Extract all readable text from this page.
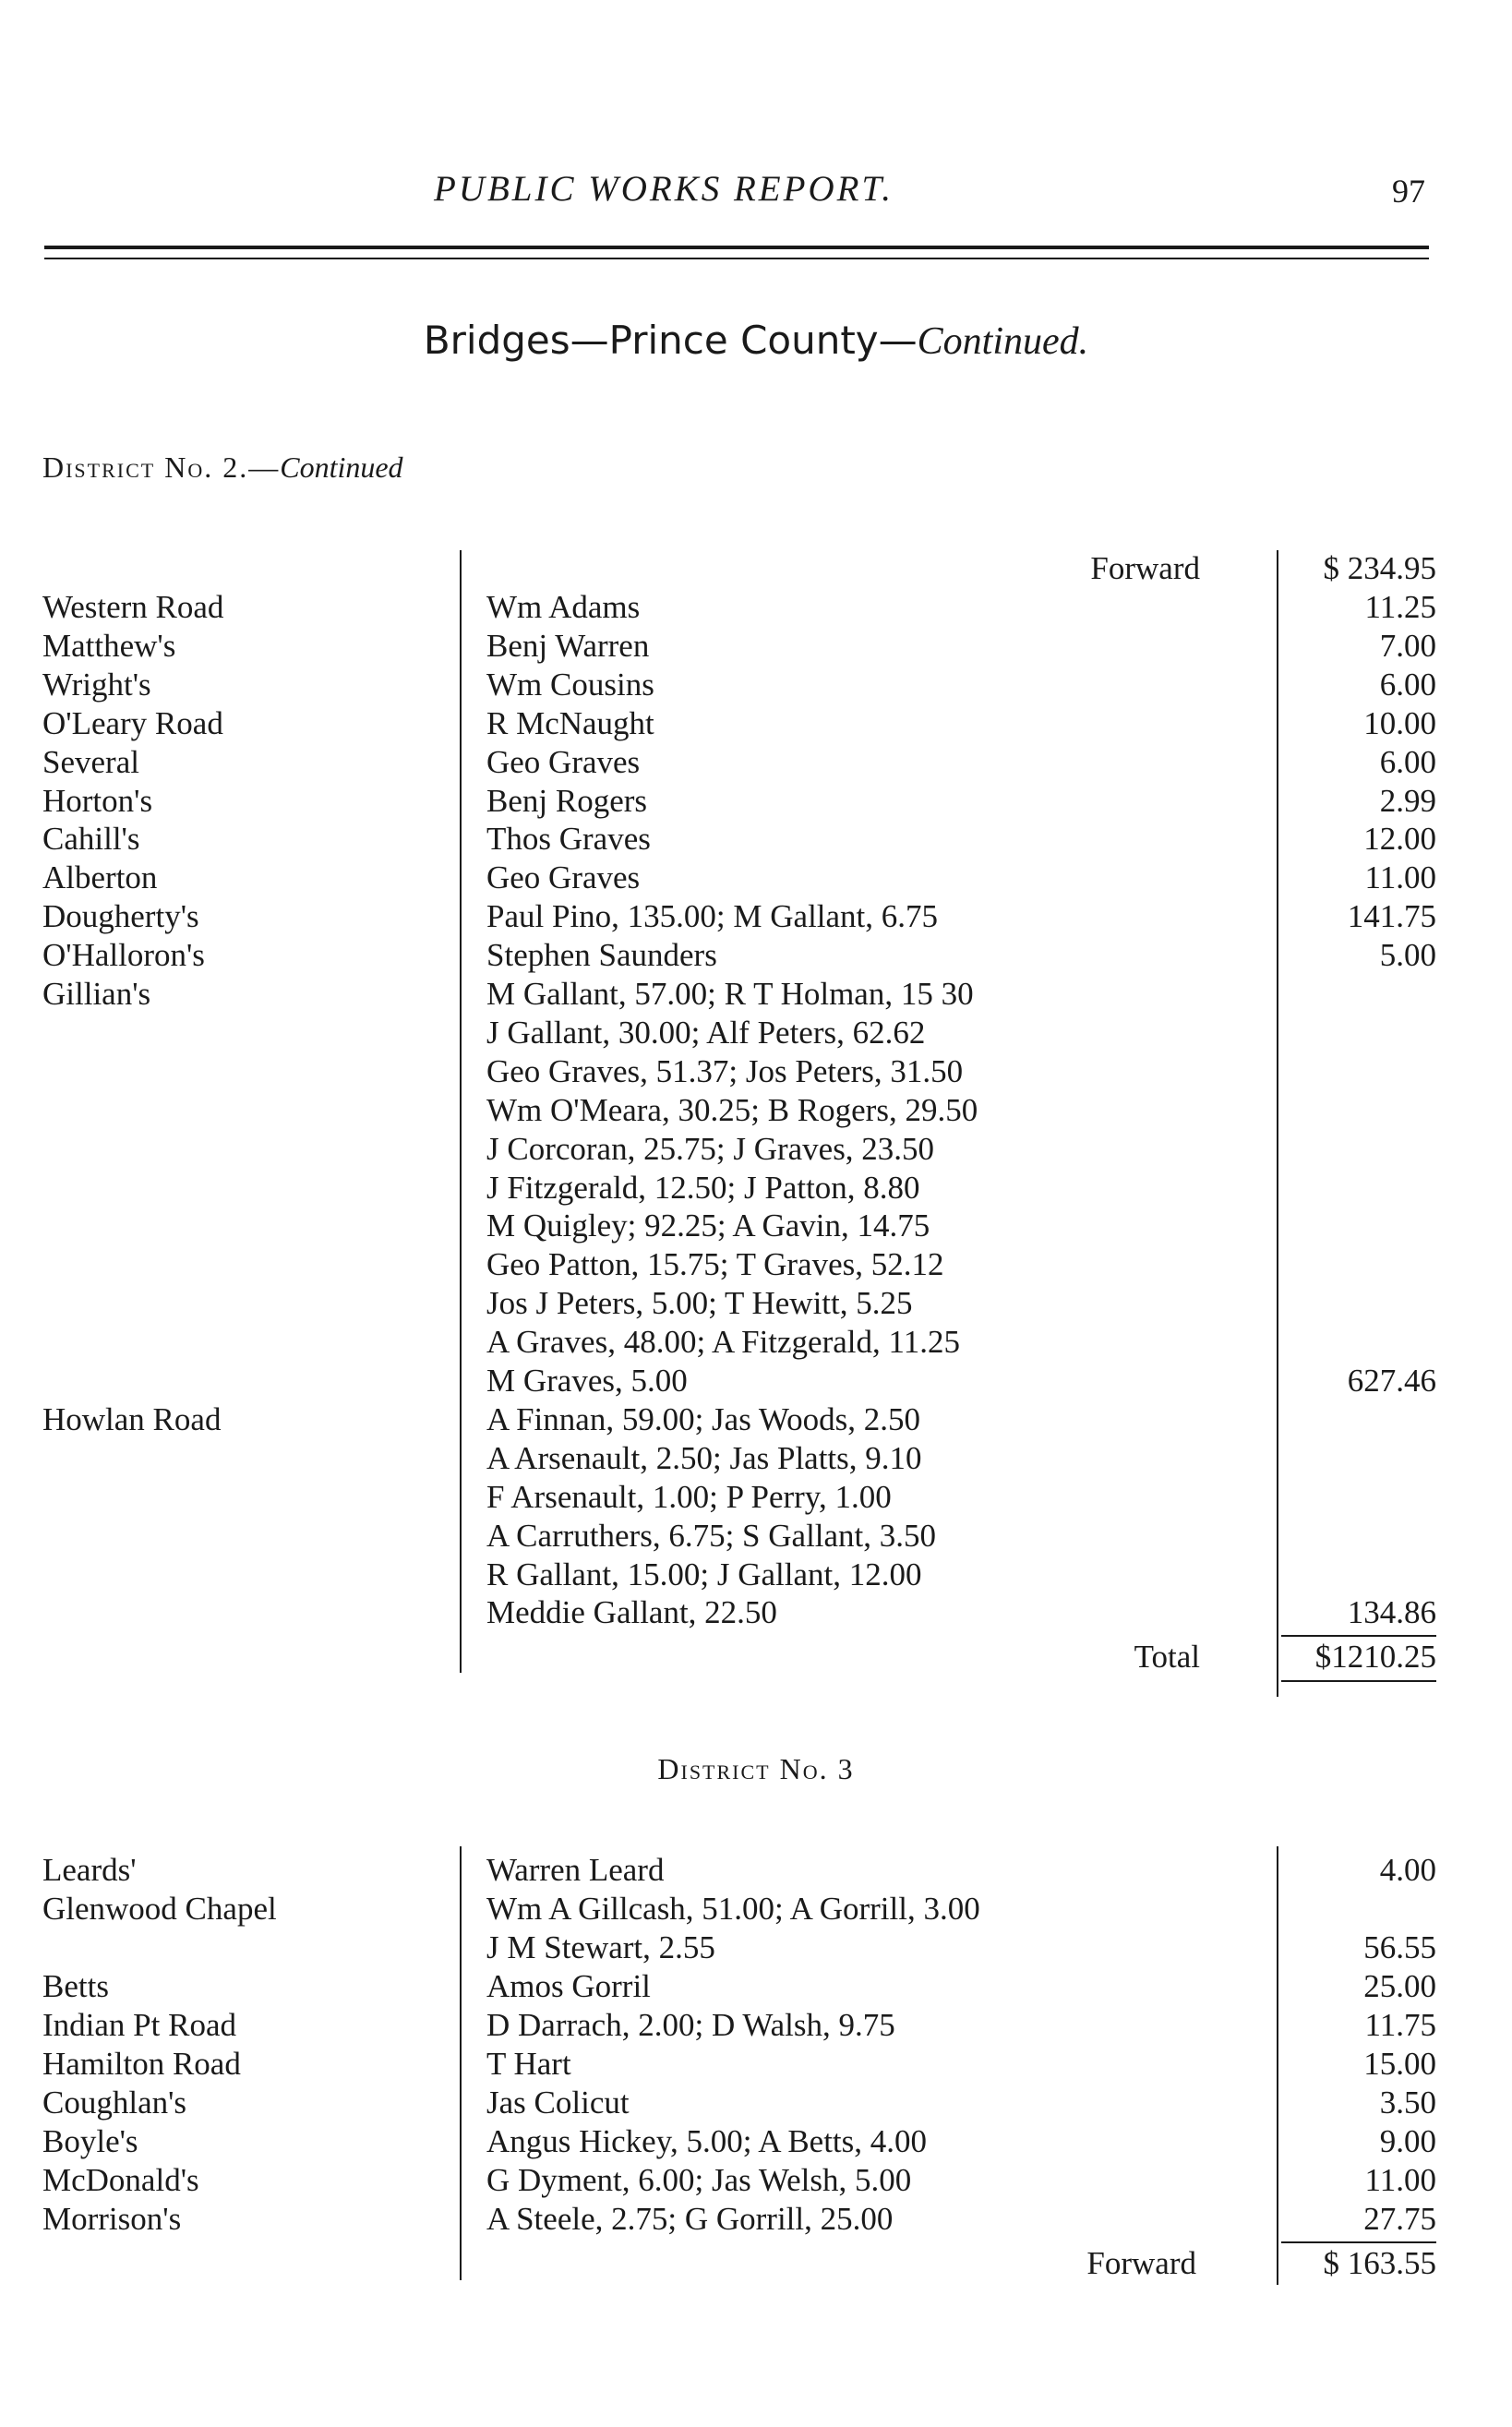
PUBLIC WORKS REPORT.	97
Bridges—Prince County—Continued.
District No. 2.—Continued
Forward	$ 234.95
Western Road	Wm Adams	11.25
Matthew's	Benj Warren	7.00
Wright's	Wm Cousins	6.00
O'Leary Road	R McNaught	10.00
Several	Geo Graves	6.00
Horton's	Benj Rogers	2.99
Cahill's	Thos Graves	12.00
Alberton	Geo Graves	11.00
Dougherty's	Paul Pino, 135.00; M Gallant, 6.75	141.75
O'Halloron's	Stephen Saunders	5.00
Gillian's	M Gallant, 57.00; R T Holman, 15 30
J Gallant, 30.00; Alf Peters, 62.62
Geo Graves, 51.37; Jos Peters, 31.50
Wm O'Meara, 30.25; B Rogers, 29.50
J Corcoran, 25.75; J Graves, 23.50
J Fitzgerald, 12.50; J Patton, 8.80
M Quigley; 92.25; A Gavin, 14.75
Geo Patton, 15.75; T Graves, 52.12
Jos J Peters, 5.00; T Hewitt, 5.25
A Graves, 48.00; A Fitzgerald, 11.25
M Graves, 5.00	627.46
Howlan Road	A Finnan, 59.00; Jas Woods, 2.50
A Arsenault, 2.50; Jas Platts, 9.10
F Arsenault, 1.00; P Perry, 1.00
A Carruthers, 6.75; S Gallant, 3.50
R Gallant, 15.00; J Gallant, 12.00
Meddie Gallant, 22.50	134.86
Total	$1210.25
District No. 3
Leards'	Warren Leard	4.00
Glenwood Chapel	Wm A Gillcash, 51.00; A Gorrill, 3.00
J M Stewart, 2.55	56.55
Betts	Amos Gorril	25.00
Indian Pt Road	D Darrach, 2.00; D Walsh, 9.75	11.75
Hamilton Road	T Hart	15.00
Coughlan's	Jas Colicut	3.50
Boyle's	Angus Hickey, 5.00; A Betts, 4.00	9.00
McDonald's	G Dyment, 6.00; Jas Welsh, 5.00	11.00
Morrison's	A Steele, 2.75; G Gorrill, 25.00	27.75
Forward	$ 163.55
